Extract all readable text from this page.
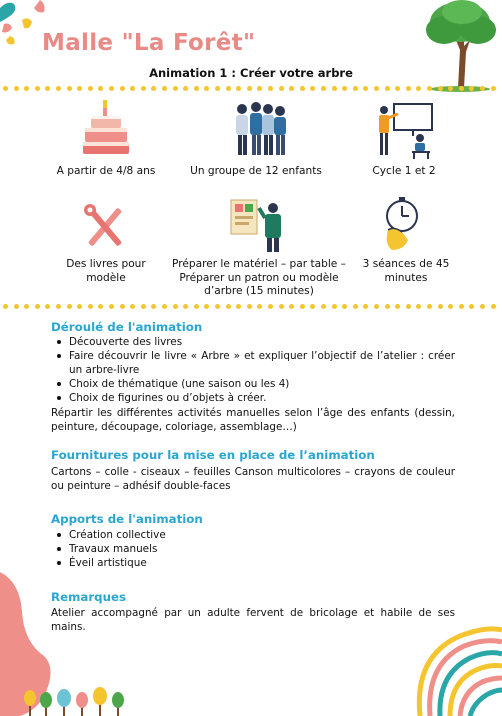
Malle "La Forêt"
Animation 1 : Créer votre arbre
A partir de 4/8 ans	Un groupe de 12 enfants	Cycle 1 et 2
Des livres pour modèle
Préparer le matériel – par table – Préparer un patron ou modèle d’arbre (15 minutes)
3 séances de 45 minutes
Déroulé de l'animation
Découverte des livres
Faire découvrir le livre « Arbre » et expliquer l’objectif de l’atelier : créer un arbre-livre
Choix de thématique (une saison ou les 4)
Choix de figurines ou d’objets à créer.
Répartir les différentes activités manuelles selon l’âge des enfants (dessin, peinture, découpage, coloriage, assemblage…)
Fournitures pour la mise en place de l’animation
Cartons – colle - ciseaux – feuilles Canson multicolores – crayons de couleur ou peinture – adhésif double-faces
Apports de l'animation
Création collective
Travaux manuels
Éveil artistique
Remarques
Atelier accompagné par un adulte fervent de bricolage et habile de ses mains.
